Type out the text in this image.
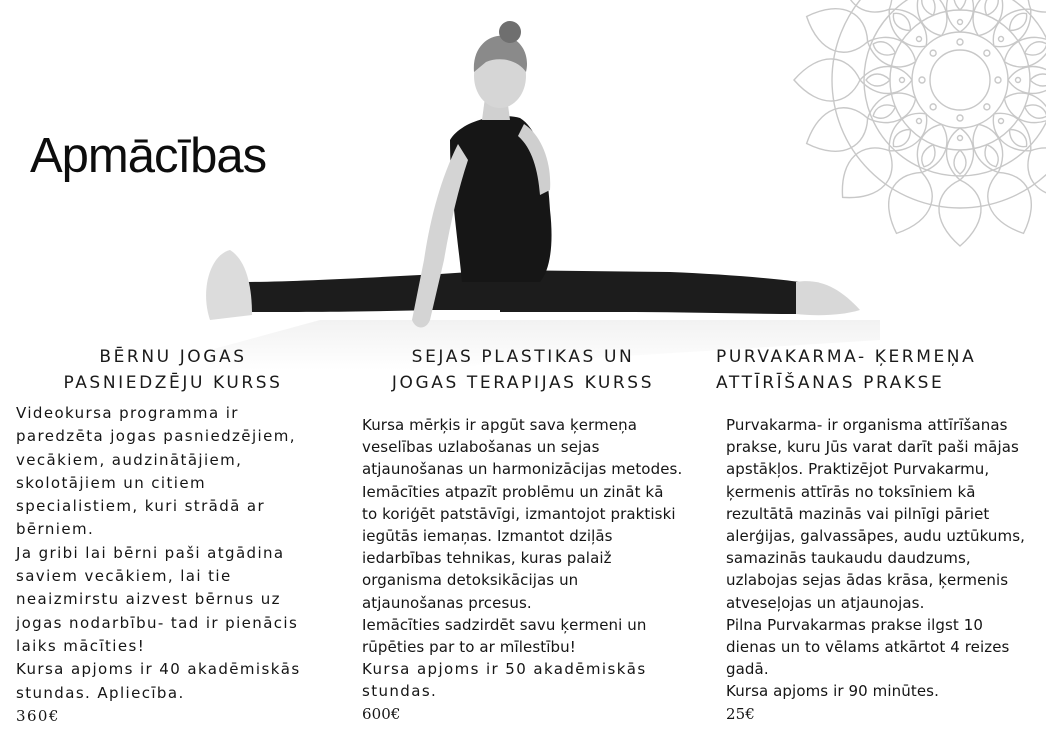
Apmācības
BĒRNU JOGAS
PASNIEDZĒJU KURSS
Videokursa programma ir
paredzēta jogas pasniedzējiem,
vecākiem, audzinātājiem,
skolotājiem un citiem
specialistiem, kuri strādā ar
bērniem.
Ja gribi lai bērni paši atgādina
saviem vecākiem, lai tie
neaizmirstu aizvest bērnus uz
jogas nodarbību- tad ir pienācis
laiks mācīties!
Kursa apjoms ir 40 akadēmiskās
stundas. Apliecība.
360€
SEJAS PLASTIKAS UN
JOGAS TERAPIJAS KURSS
Kursa mērķis ir apgūt sava ķermeņa
veselības uzlabošanas un sejas
atjaunošanas un harmonizācijas metodes.
Iemācīties atpazīt problēmu un zināt kā
to koriģēt patstāvīgi, izmantojot praktiski
iegūtās iemaņas. Izmantot dziļās
iedarbības tehnikas, kuras palaiž
organisma detoksikācijas un
atjaunošanas prcesus.
Iemācīties sadzirdēt savu ķermeni un
rūpēties par to ar mīlestību!
Kursa apjoms ir 50 akadēmiskās
stundas.
600€
PURVAKARMA- ĶERMEŅA
ATTĪRĪŠANAS PRAKSE
Purvakarma- ir organisma attīrīšanas
prakse, kuru Jūs varat darīt paši mājas
apstākļos. Praktizējot Purvakarmu,
ķermenis attīrās no toksīniem kā
rezultātā mazinās vai pilnīgi pāriet
alerģijas, galvassāpes, audu uztūkums,
samazinās taukaudu daudzums,
uzlabojas sejas ādas krāsa, ķermenis
atveseļojas un atjaunojas.
Pilna Purvakarmas prakse ilgst 10
dienas un to vēlams atkārtot 4 reizes
gadā.
Kursa apjoms ir 90 minūtes.
25€
